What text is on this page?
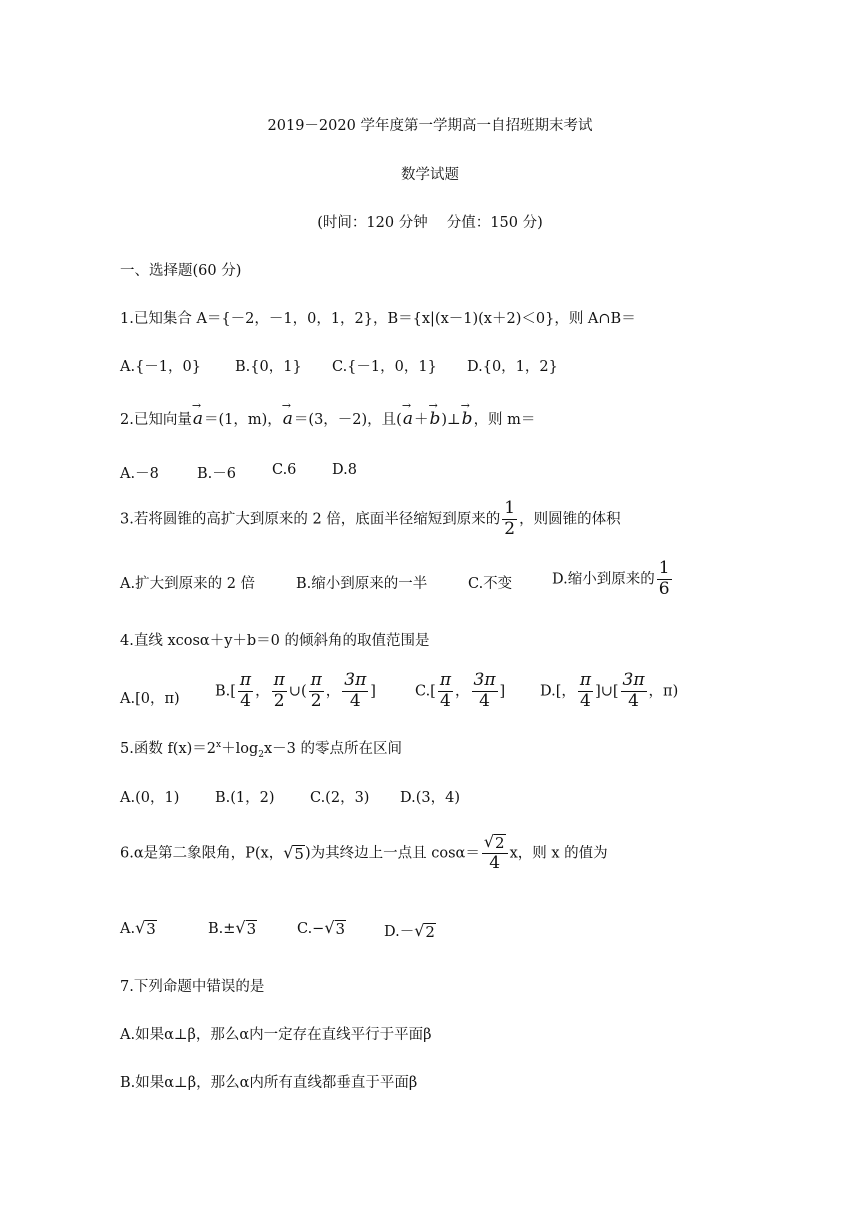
2019－2020 学年度第一学期高一自招班期末考试
数学试题
(时间：120 分钟　 分值：150 分)
一、选择题(60 分)
1.已知集合 A＝{－2，－1，0，1，2}，B＝{x|(x－1)(x＋2)＜0}，则 A∩B＝
A.{－1，0} B.{0，1} C.{－1，0，1} D.{0，1，2}
2.已知向量→ a＝(1，m)，→ a＝(3，－2)，且(→ a＋→ b)⊥→ b，则 m＝
A.－8	B.－6 C.6 D.8
3.若将圆锥的高扩大到原来的 2 倍，底面半径缩短到原来的 $\frac{1}{2}$ ，则圆锥的体积
A.扩大到原来的 2 倍	B.缩小到原来的一半	C.不变	D.缩小到原来的 $\frac{1}{6}$
4.直线 xcosα＋y＋b＝0 的倾斜角的取值范围是
A.[0，π) $B.[ \frac{\pi}{4}$ ， $\frac{\pi}{2}$ ∪( $\frac{\pi}{2}$ ， $\frac{3\pi}{4}$ ]	$C.[ \frac{\pi}{4}$ ， $\frac{3\pi}{4}$ ] D.[， $\frac{\pi}{4}$ ]∪[ $\frac{3\pi}{4}$ ，π)
5.函数 $f(x)=2^x+\log_2x-3$ 的零点所在区间
A.(0，1) B.(1，2) C.(2，3) D.(3，4)
6.α是第二象限角，P(x， √ 5 )为其终边上一点且 $\cos\alpha= \frac{√ 2}{4}$ x，则 x 的值为
A. √ 3	B.± √ 3	C.− √ 3	D.－ √ 2
7.下列命题中错误的是
A.如果α⊥β，那么α内一定存在直线平行于平面β
B.如果α⊥β，那么α内所有直线都垂直于平面β
